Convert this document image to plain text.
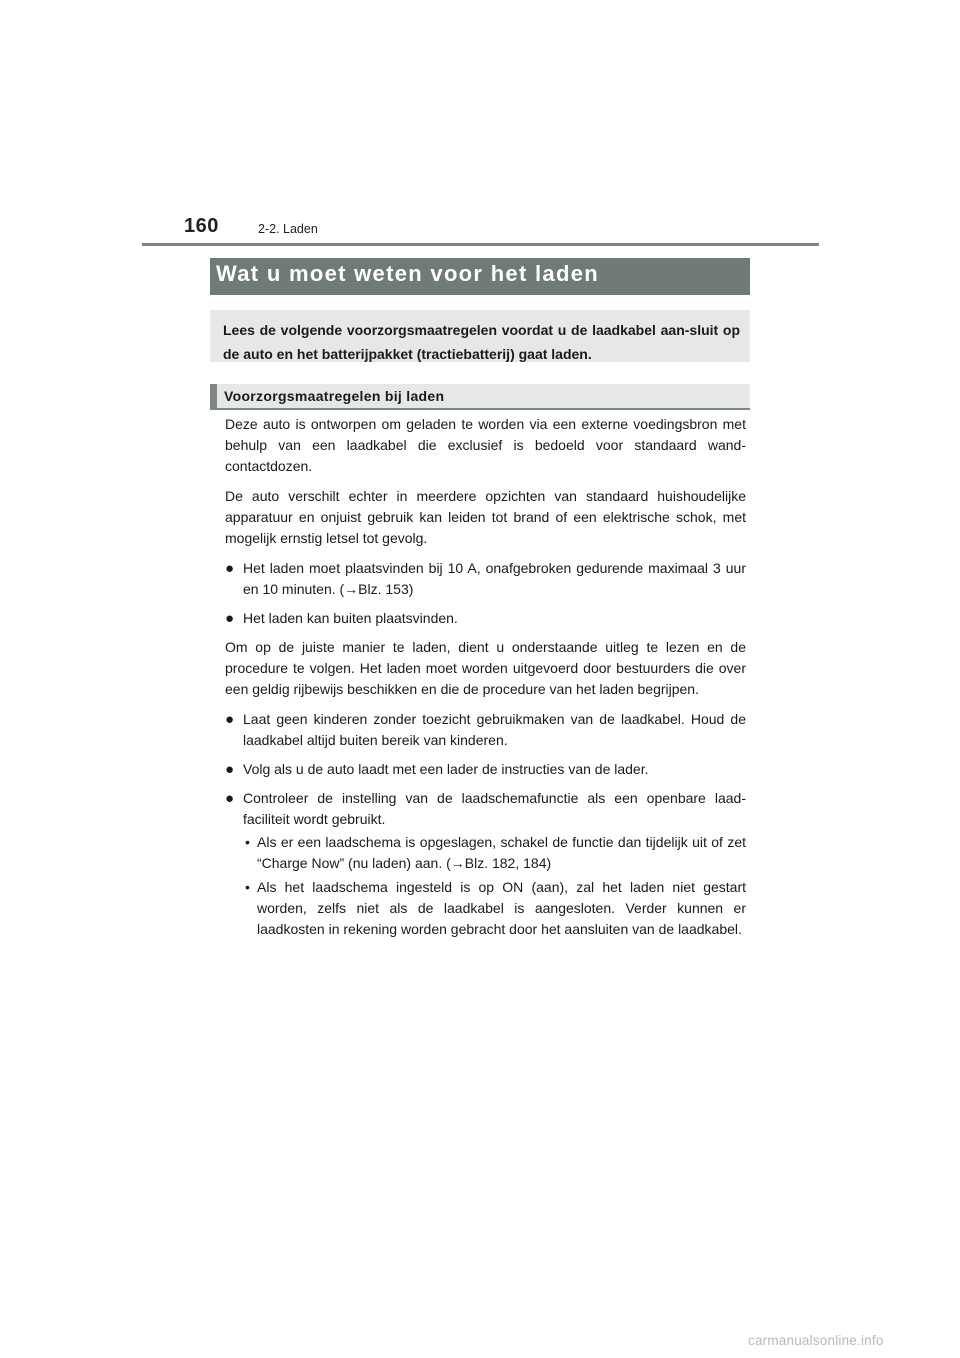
160	2-2. Laden
Wat u moet weten voor het laden
Lees de volgende voorzorgsmaatregelen voordat u de laadkabel aan-sluit op de auto en het batterijpakket (tractiebatterij) gaat laden.
Voorzorgsmaatregelen bij laden

Deze auto is ontworpen om geladen te worden via een externe voedingsbron met behulp van een laadkabel die exclusief is bedoeld voor standaard wand-contactdozen.

De auto verschilt echter in meerdere opzichten van standaard huishoudelijke apparatuur en onjuist gebruik kan leiden tot brand of een elektrische schok, met mogelijk ernstig letsel tot gevolg.

● Het laden moet plaatsvinden bij 10 A, onafgebroken gedurende maximaal 3 uur en 10 minuten. (→Blz. 153)
● Het laden kan buiten plaatsvinden.

Om op de juiste manier te laden, dient u onderstaande uitleg te lezen en de procedure te volgen. Het laden moet worden uitgevoerd door bestuurders die over een geldig rijbewijs beschikken en die de procedure van het laden begrijpen.

● Laat geen kinderen zonder toezicht gebruikmaken van de laadkabel. Houd de laadkabel altijd buiten bereik van kinderen.
● Volg als u de auto laadt met een lader de instructies van de lader.
● Controleer de instelling van de laadschemafunctie als een openbare laad-faciliteit wordt gebruikt.
• Als er een laadschema is opgeslagen, schakel de functie dan tijdelijk uit of zet “Charge Now” (nu laden) aan. (→Blz. 182, 184)
• Als het laadschema ingesteld is op ON (aan), zal het laden niet gestart worden, zelfs niet als de laadkabel is aangesloten. Verder kunnen er laadkosten in rekening worden gebracht door het aansluiten van de laadkabel.
carmanualsonline.info
